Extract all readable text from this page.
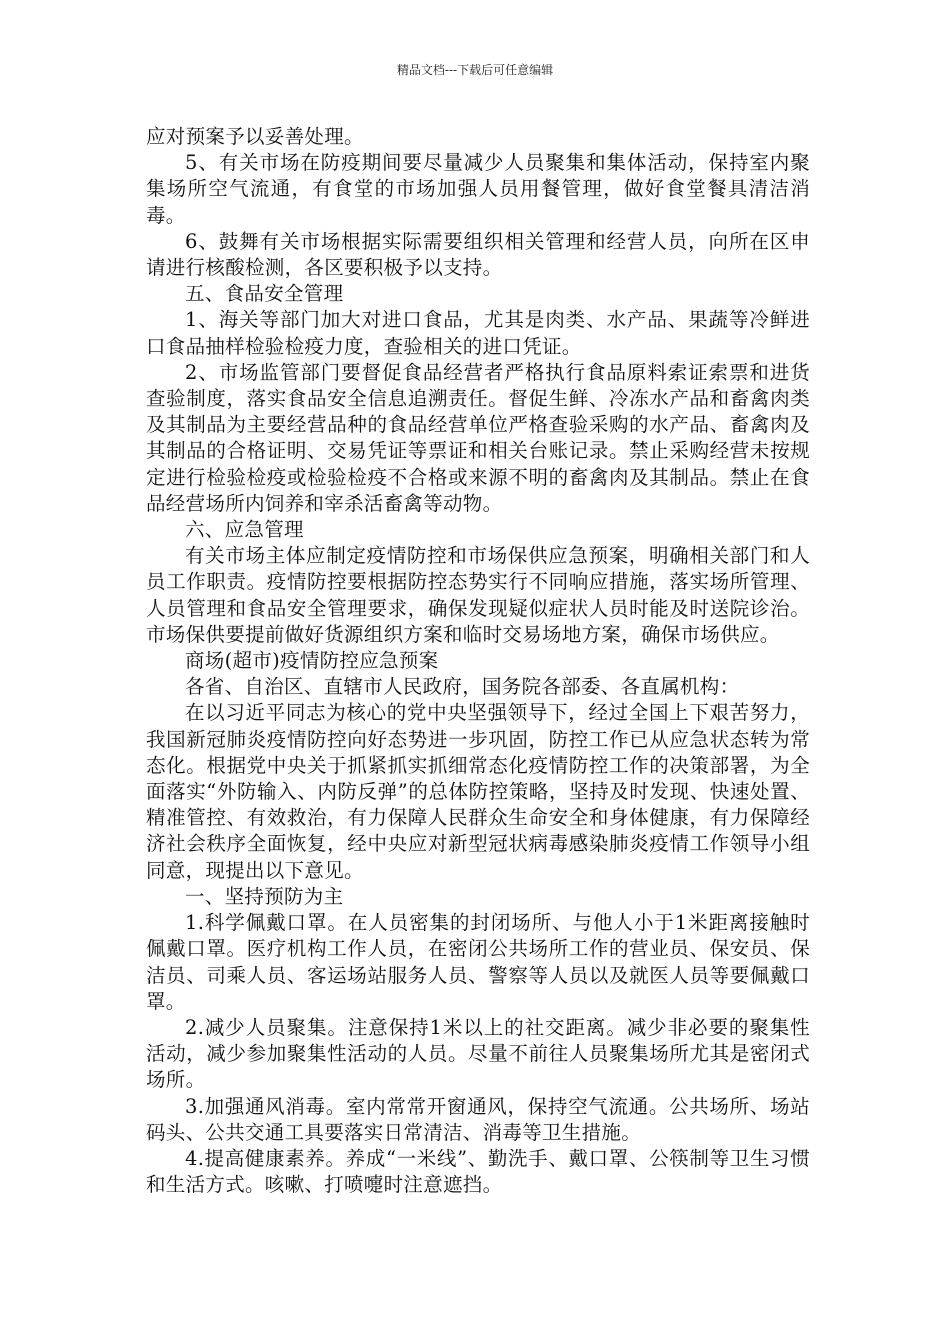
精品文档---下载后可任意编辑

应对预案予以妥善处理。

5、有关市场在防疫期间要尽量减少人员聚集和集体活动，保持室内聚集场所空气流通，有食堂的市场加强人员用餐管理，做好食堂餐具清洁消毒。

6、鼓舞有关市场根据实际需要组织相关管理和经营人员，向所在区申请进行核酸检测，各区要积极予以支持。

五、食品安全管理

1、海关等部门加大对进口食品，尤其是肉类、水产品、果蔬等冷鲜进口食品抽样检验检疫力度，查验相关的进口凭证。

2、市场监管部门要督促食品经营者严格执行食品原料索证索票和进货查验制度，落实食品安全信息追溯责任。督促生鲜、冷冻水产品和畜禽肉类及其制品为主要经营品种的食品经营单位严格查验采购的水产品、畜禽肉及其制品的合格证明、交易凭证等票证和相关台账记录。禁止采购经营未按规定进行检验检疫或检验检疫不合格或来源不明的畜禽肉及其制品。禁止在食品经营场所内饲养和宰杀活畜禽等动物。

六、应急管理

有关市场主体应制定疫情防控和市场保供应急预案，明确相关部门和人员工作职责。疫情防控要根据防控态势实行不同响应措施，落实场所管理、人员管理和食品安全管理要求，确保发现疑似症状人员时能及时送院诊治。市场保供要提前做好货源组织方案和临时交易场地方案，确保市场供应。

商场(超市)疫情防控应急预案

各省、自治区、直辖市人民政府，国务院各部委、各直属机构：

在以习近平同志为核心的党中央坚强领导下，经过全国上下艰苦努力，我国新冠肺炎疫情防控向好态势进一步巩固，防控工作已从应急状态转为常态化。根据党中央关于抓紧抓实抓细常态化疫情防控工作的决策部署，为全面落实“外防输入、内防反弹”的总体防控策略，坚持及时发现、快速处置、精准管控、有效救治，有力保障人民群众生命安全和身体健康，有力保障经济社会秩序全面恢复，经中央应对新型冠状病毒感染肺炎疫情工作领导小组同意，现提出以下意见。

一、坚持预防为主

1.科学佩戴口罩。在人员密集的封闭场所、与他人小于1米距离接触时佩戴口罩。医疗机构工作人员，在密闭公共场所工作的营业员、保安员、保洁员、司乘人员、客运场站服务人员、警察等人员以及就医人员等要佩戴口罩。

2.减少人员聚集。注意保持1米以上的社交距离。减少非必要的聚集性活动，减少参加聚集性活动的人员。尽量不前往人员聚集场所尤其是密闭式场所。

3.加强通风消毒。室内常常开窗通风，保持空气流通。公共场所、场站码头、公共交通工具要落实日常清洁、消毒等卫生措施。

4.提高健康素养。养成“一米线”、勤洗手、戴口罩、公筷制等卫生习惯和生活方式。咳嗽、打喷嚏时注意遮挡。
